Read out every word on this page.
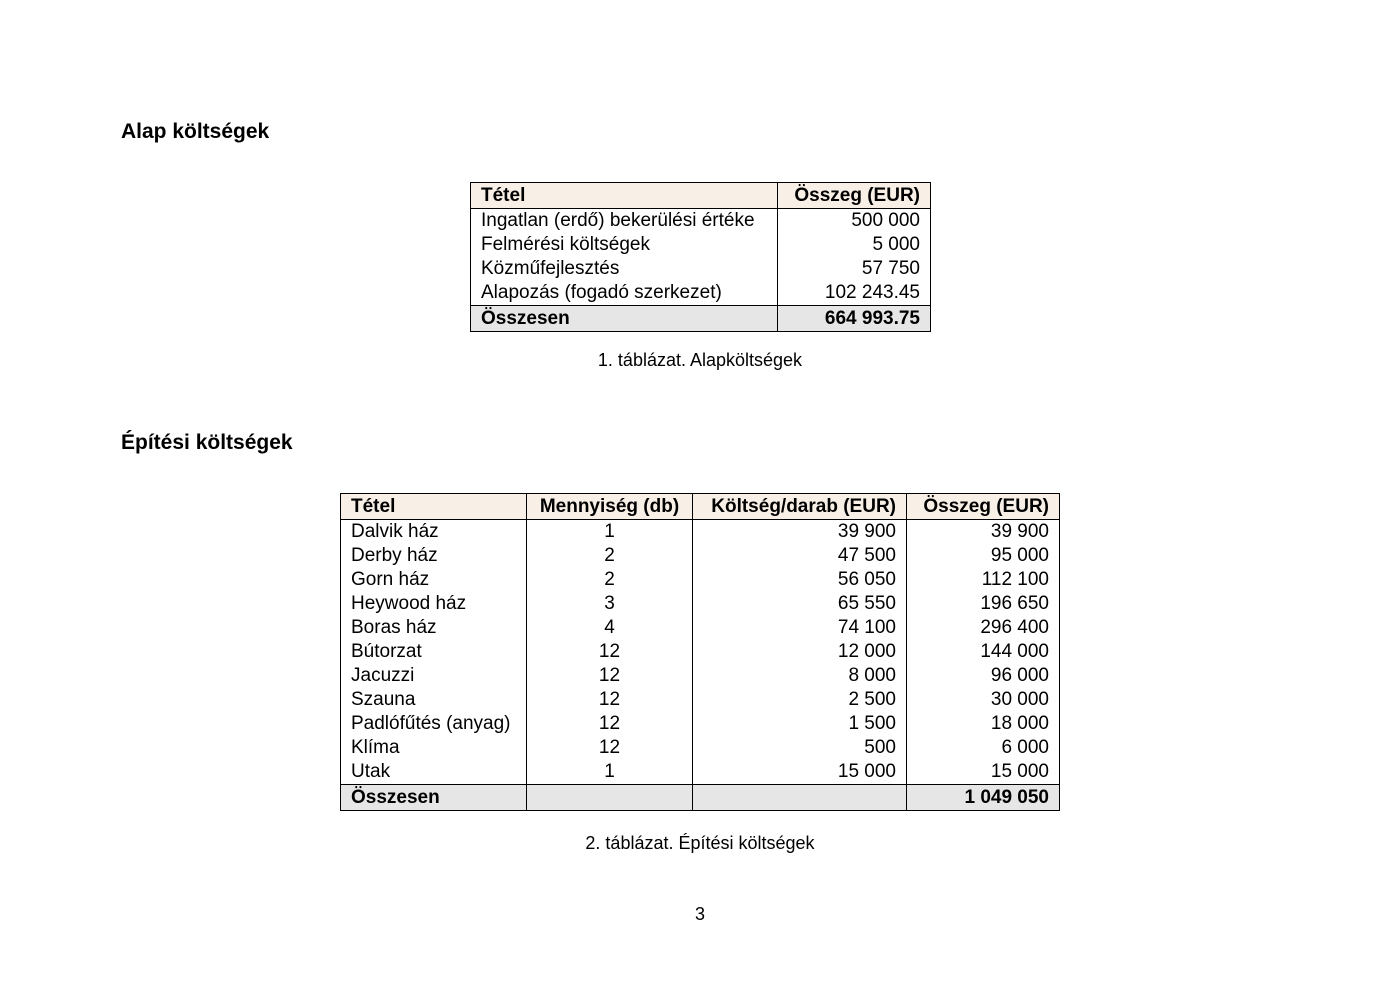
Alap költségek
Tétel	Összeg (EUR)
Ingatlan (erdő) bekerülési értéke	500 000
Felmérési költségek	5 000
Közműfejlesztés	57 750
Alapozás (fogadó szerkezet)	102 243.45
Összesen	664 993.75

1. táblázat. Alapköltségek

Építési költségek
Tétel	Mennyiség (db)	Költség/darab (EUR)	Összeg (EUR)
Dalvik ház	1	39 900	39 900
Derby ház	2	47 500	95 000
Gorn ház	2	56 050	112 100
Heywood ház	3	65 550	196 650
Boras ház	4	74 100	296 400
Bútorzat	12	12 000	144 000
Jacuzzi	12	8 000	96 000
Szauna	12	2 500	30 000
Padlófűtés (anyag)	12	1 500	18 000
Klíma	12	500	6 000
Utak	1	15 000	15 000
Összesen			1 049 050

2. táblázat. Építési költségek

3
